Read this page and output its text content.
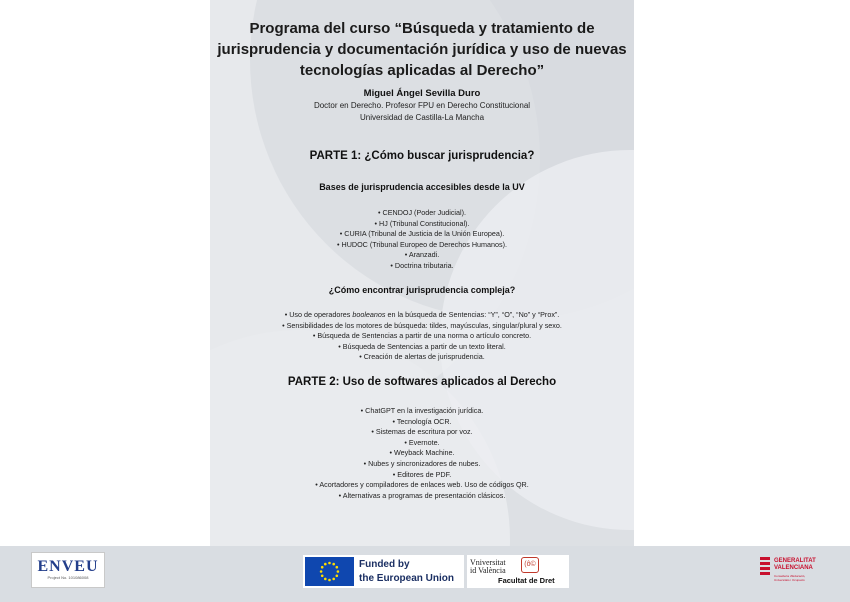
Programa del curso “Búsqueda y tratamiento de
jurisprudencia y documentación jurídica y uso de nuevas
tecnologías aplicadas al Derecho”
Miguel Ángel Sevilla Duro
Doctor en Derecho. Profesor FPU en Derecho Constitucional
Universidad de Castilla-La Mancha
PARTE 1: ¿Cómo buscar jurisprudencia?
Bases de jurisprudencia accesibles desde la UV
• CENDOJ (Poder Judicial).
• HJ (Tribunal Constitucional).
• CURIA (Tribunal de Justicia de la Unión Europea).
• HUDOC (Tribunal Europeo de Derechos Humanos).
• Aranzadi.
• Doctrina tributaria.
¿Cómo encontrar jurisprudencia compleja?
• Uso de operadores booleanos en la búsqueda de Sentencias: “Y”, “O”, “No” y “Prox”.
• Sensibilidades de los motores de búsqueda: tildes, mayúsculas, singular/plural y sexo.
• Búsqueda de Sentencias a partir de una norma o artículo concreto.
• Búsqueda de Sentencias a partir de un texto literal.
• Creación de alertas de jurisprudencia.
PARTE 2: Uso de softwares aplicados al Derecho
• ChatGPT en la investigación jurídica.
• Tecnología OCR.
• Sistemas de escritura por voz.
• Evernote.
• Weyback Machine.
• Nubes y sincronizadores de nubes.
• Editores de PDF.
• Acortadores y compiladores de enlaces web. Uso de códigos QR.
• Alternativas a programas de presentación clásicos.
ENVEU
Project No. 101086008
Funded by
the European Union
Vniversitat
id València
(ô©
Facultat de Dret
GENERALITAT
VALENCIANA
Conselleria d'Educació, Universitats i Ocupació
